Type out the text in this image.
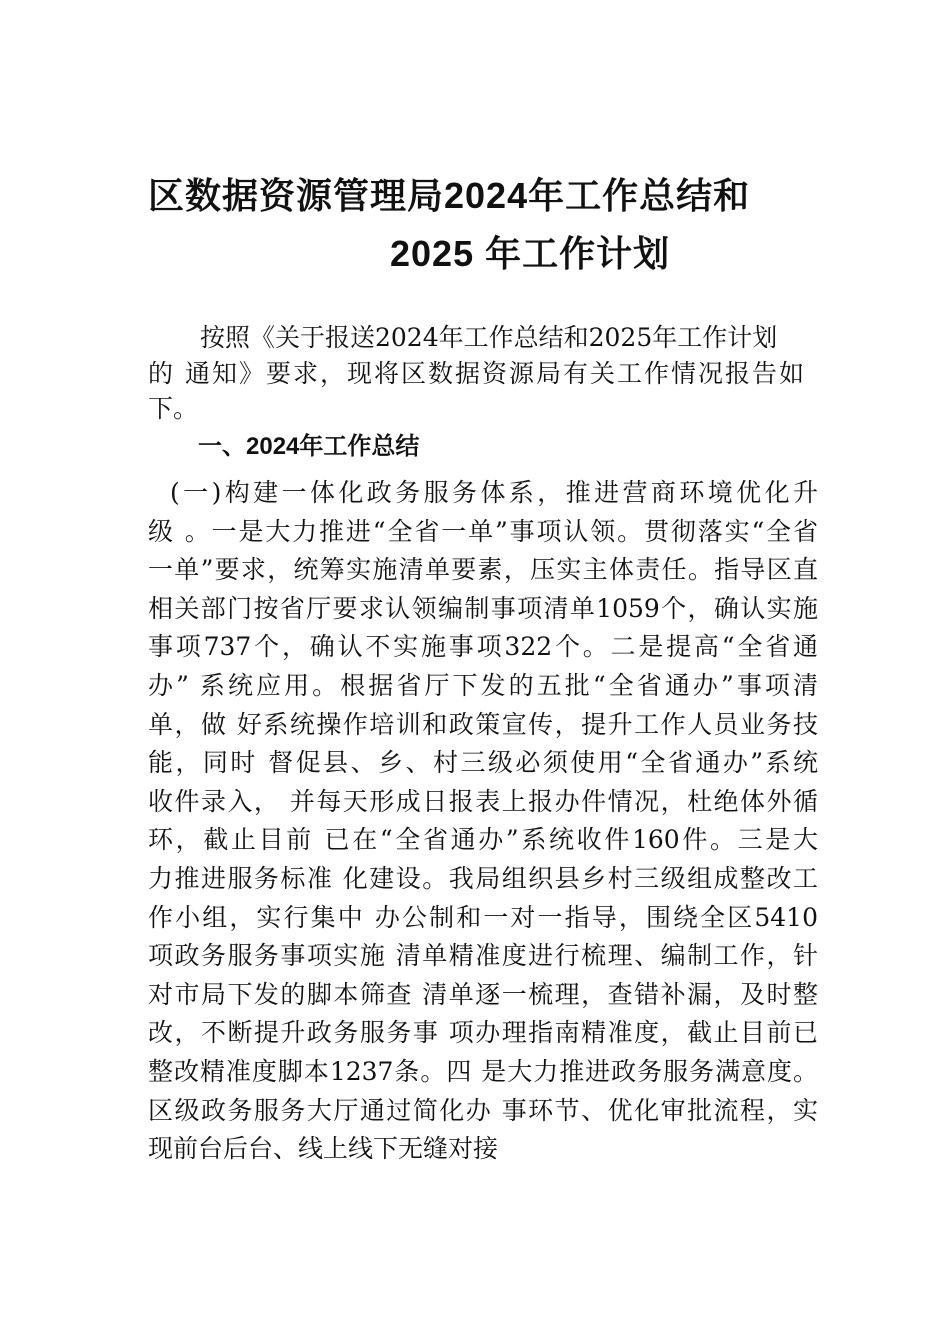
区数据资源管理局2024年工作总结和
2025 年工作计划
按照《关于报送2024年工作总结和2025年工作计划
的 通知》要求，现将区数据资源局有关工作情况报告如
下。
一、2024年工作总结
(一)构建一体化政务服务体系，推进营商环境优化升
级 。一是大力推进“全省一单”事项认领。贯彻落实“全省
一单”要求，统筹实施清单要素，压实主体责任。指导区直
相关部门按省厅要求认领编制事项清单1059个，确认实施
事项737个，确认不实施事项322个。二是提高“全省通
办” 系统应用。根据省厅下发的五批“全省通办”事项清
单，做 好系统操作培训和政策宣传，提升工作人员业务技
能，同时 督促县、乡、村三级必须使用“全省通办”系统
收件录入， 并每天形成日报表上报办件情况，杜绝体外循
环，截止目前 已在“全省通办”系统收件160件。三是大
力推进服务标准 化建设。我局组织县乡村三级组成整改工
作小组，实行集中 办公制和一对一指导，围绕全区5410
项政务服务事项实施 清单精准度进行梳理、编制工作，针
对市局下发的脚本筛查 清单逐一梳理，查错补漏，及时整
改，不断提升政务服务事 项办理指南精准度，截止目前已
整改精准度脚本1237条。四 是大力推进政务服务满意度。
区级政务服务大厅通过简化办 事环节、优化审批流程，实
现前台后台、线上线下无缝对接
